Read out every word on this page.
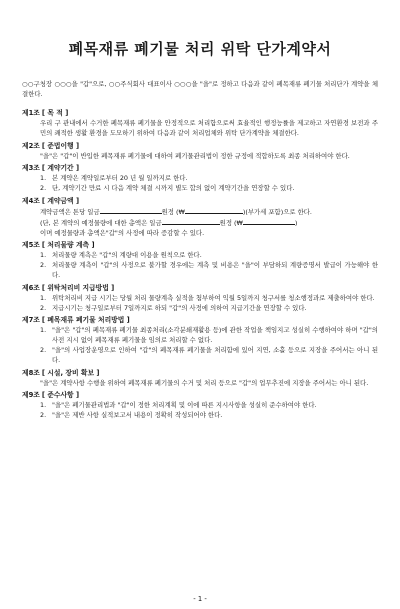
폐목재류 폐기물 처리 위탁 단가계약서
○○구청장 ○○○을 "갑"으로, ○○주식회사 대표이사 ○○○을 "을"로 정하고 다음과 같이 폐목재류 폐기물 처리단가 계약을 체결한다.
제1조 [ 목 적 ]
우리 구 관내에서 수거한 폐목재류 폐기물을 안정적으로 처리함으로써 효율적인 행정능률을 제고하고 자연환경 보전과 주민의 쾌적한 생활 환경을 도모하기 위하여 다음과 같이 처리업체와 위탁 단가계약을 체결한다.
제2조 [ 준법이행 ]
"을"은 "갑"이 반입한 폐목재류 폐기물에 대하여 폐기물관리법이 정한 규정에 적합하도록 최종 처리하여야 한다.
제3조 [ 계약기간 ]
1. 본 계약은 계약일로부터 20 년 월 일까지로 한다.
2. 단, 계약기간 만료 시 다음 계약 체결 시까지 별도 합의 없이 계약기간을 연장할 수 있다.
제4조 [ 계약금액 ]
계약금액은 톤당 일금	원정 (₩	)(부가세 포함)으로 한다.
(단, 본 계약의 예정물량에 대한 총액은 일금	원정 (₩	)
이며 예정물량과 총액은"갑"의 사정에 따라 증감할 수 있다.
제5조 [ 처리물량 계측 ]
1. 처리물량 계측은 "갑"의 계량대 이용을 원칙으로 한다.
2. 처리물량 계측이 "갑"의 사정으로 불가할 경우에는 계측 및 비용은 "을"이 부담하되 계량증명서 발급이 가능해야 한다.
제6조 [ 위탁처리비 지급방법 ]
1. 위탁처리비 지급 시기는 당월 처리 물량계측 실적을 첨부하여 익월 5일까지 청구서를 청소행정과로 제출하여야 한다.
2. 지급시기는 청구일로부터 7일까지로 하되 "갑"의 사정에 의하여 지급기간을 연장할 수 있다.
제7조 [ 폐목재류 폐기물 처리방법 ]
1. "을"은 "갑"의 폐목재류 폐기물 최종처리(소각분쇄재활용 등)에 관한 작업을 책임지고 성실히 수행하여야 하며 "갑"의 사전 지시 없이 폐목재류 폐기물을 임의로 처리할 수 없다.
2. "을"의 사업장운영으로 인하여 "갑"의 폐목재류 폐기물을 처리함에 있어 지연, 소홀 등으로 지장을 주어서는 아니 된다.
제8조 [ 시설, 장비 확보 ]
"을"은 계약사항 수행을 위하여 폐목재류 폐기물의 수거 및 처리 등으로 "갑"의 업무추진에 지장을 주어서는 아니 된다.
제9조 [ 준수사항 ]
1. "을"은 폐기물관리법과 "갑"이 정한 처리계획 및 이에 따른 지시사항을 성실히 준수하여야 한다.
2. "을"은 제반 사항 실적보고서 내용이 정확히 작성되어야 한다.
- 1 -
